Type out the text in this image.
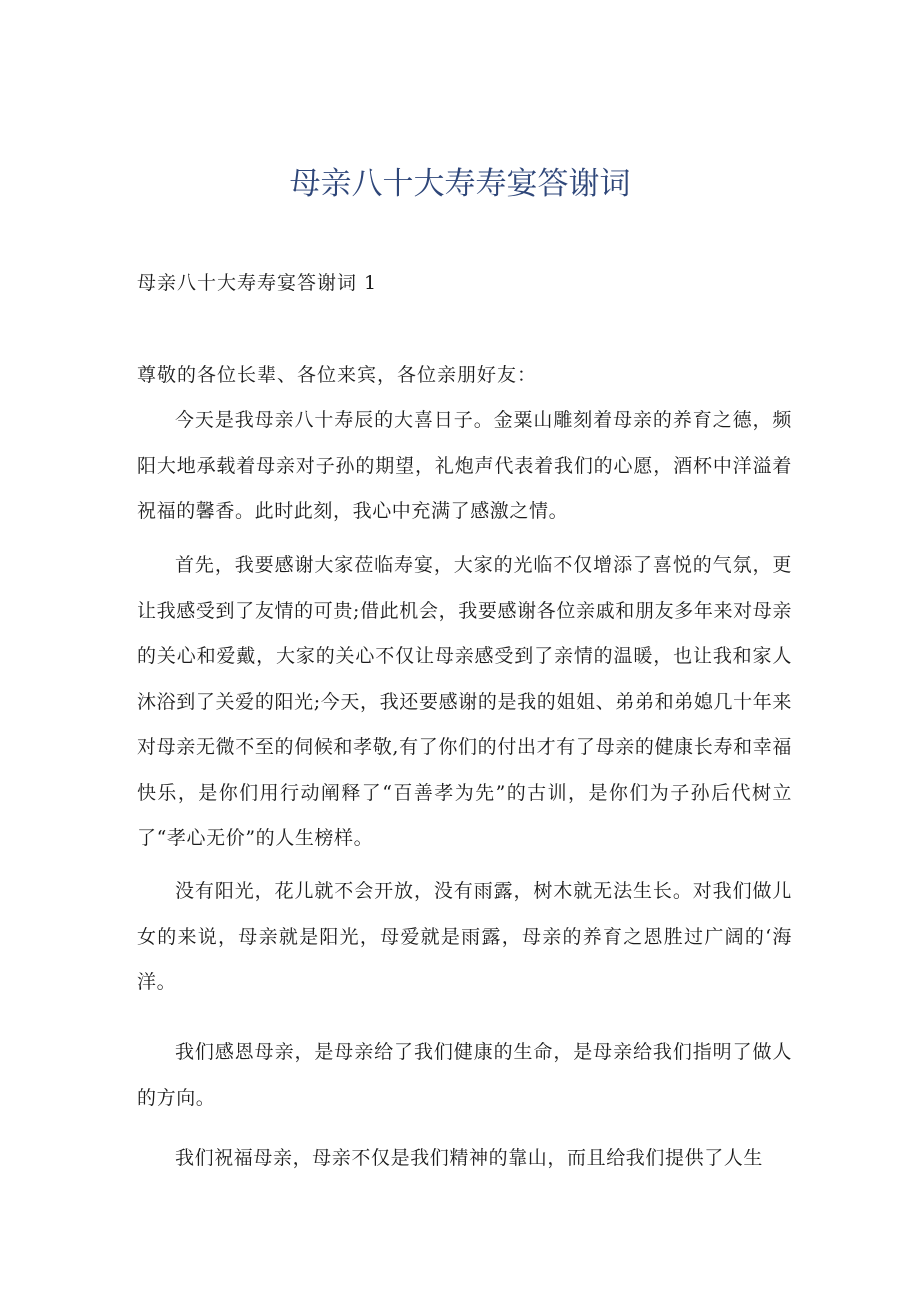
母亲八十大寿寿宴答谢词

母亲八十大寿寿宴答谢词 1

尊敬的各位长辈、各位来宾，各位亲朋好友：

今天是我母亲八十寿辰的大喜日子。金粟山雕刻着母亲的养育之德，频阳大地承载着母亲对子孙的期望，礼炮声代表着我们的心愿，酒杯中洋溢着祝福的馨香。此时此刻，我心中充满了感激之情。

首先，我要感谢大家莅临寿宴，大家的光临不仅增添了喜悦的气氛，更让我感受到了友情的可贵;借此机会，我要感谢各位亲戚和朋友多年来对母亲的关心和爱戴，大家的关心不仅让母亲感受到了亲情的温暖，也让我和家人沐浴到了关爱的阳光;今天，我还要感谢的是我的姐姐、弟弟和弟媳几十年来对母亲无微不至的伺候和孝敬,有了你们的付出才有了母亲的健康长寿和幸福快乐，是你们用行动阐释了“百善孝为先”的古训，是你们为子孙后代树立了“孝心无价”的人生榜样。

没有阳光，花儿就不会开放，没有雨露，树木就无法生长。对我们做儿女的来说，母亲就是阳光，母爱就是雨露，母亲的养育之恩胜过广阔的‘海洋。

我们感恩母亲，是母亲给了我们健康的生命，是母亲给我们指明了做人的方向。

我们祝福母亲，母亲不仅是我们精神的靠山，而且给我们提供了人生
